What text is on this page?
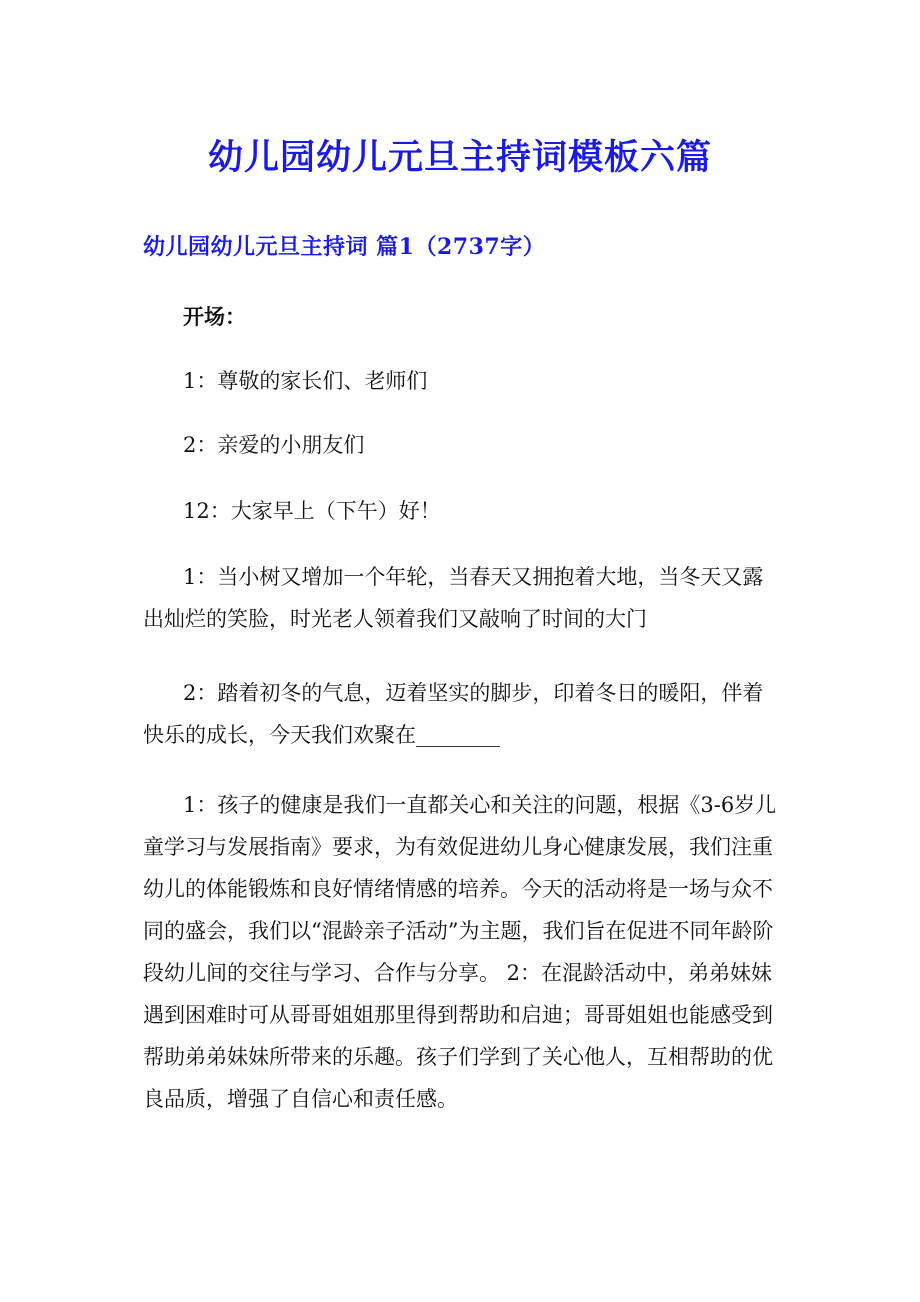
幼儿园幼儿元旦主持词模板六篇
幼儿园幼儿元旦主持词 篇1（2737字）

开场：

1：尊敬的家长们、老师们

2：亲爱的小朋友们

12：大家早上（下午）好！

1：当小树又增加一个年轮，当春天又拥抱着大地，当冬天又露出灿烂的笑脸，时光老人领着我们又敲响了时间的大门

2：踏着初冬的气息，迈着坚实的脚步，印着冬日的暖阳，伴着快乐的成长，今天我们欢聚在________

1：孩子的健康是我们一直都关心和关注的问题，根据《3-6岁儿童学习与发展指南》要求，为有效促进幼儿身心健康发展，我们注重幼儿的体能锻炼和良好情绪情感的培养。今天的活动将是一场与众不同的盛会，我们以“混龄亲子活动”为主题，我们旨在促进不同年龄阶段幼儿间的交往与学习、合作与分享。 2：在混龄活动中，弟弟妹妹遇到困难时可从哥哥姐姐那里得到帮助和启迪；哥哥姐姐也能感受到帮助弟弟妹妹所带来的乐趣。孩子们学到了关心他人，互相帮助的优良品质，增强了自信心和责任感。
